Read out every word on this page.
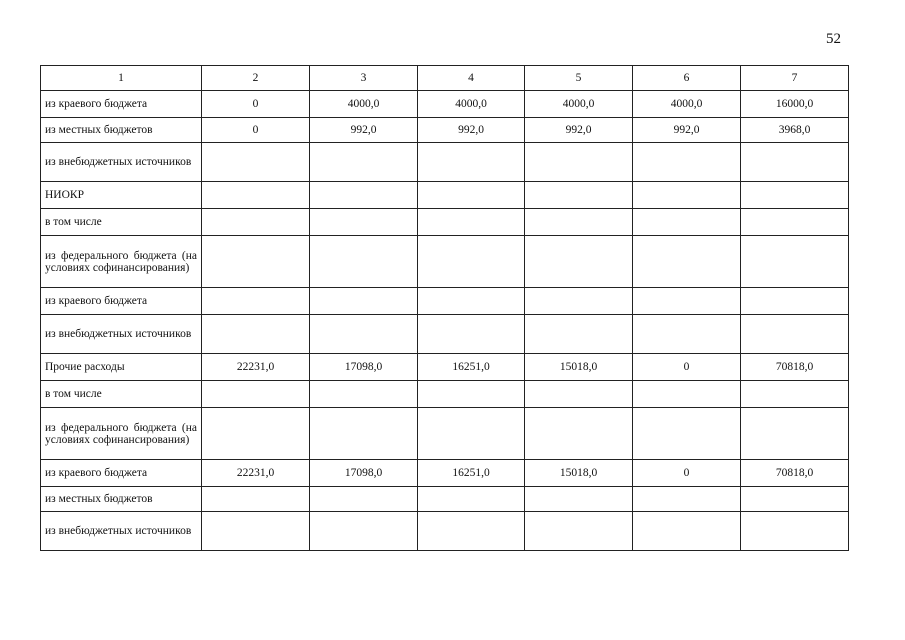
52
1	2	3	4	5	6	7
из краевого бюджета	0	4000,0	4000,0	4000,0	4000,0	16000,0
из местных бюджетов	0	992,0	992,0	992,0	992,0	3968,0
из внебюджетных источников						
НИОКР						
в том числе						
из федерального бюджета (на условиях софинансирования)						
из краевого бюджета						
из внебюджетных источников						
Прочие расходы	22231,0	17098,0	16251,0	15018,0	0	70818,0
в том числе						
из федерального бюджета (на условиях софинансирования)						
из краевого бюджета	22231,0	17098,0	16251,0	15018,0	0	70818,0
из местных бюджетов						
из внебюджетных источников						
